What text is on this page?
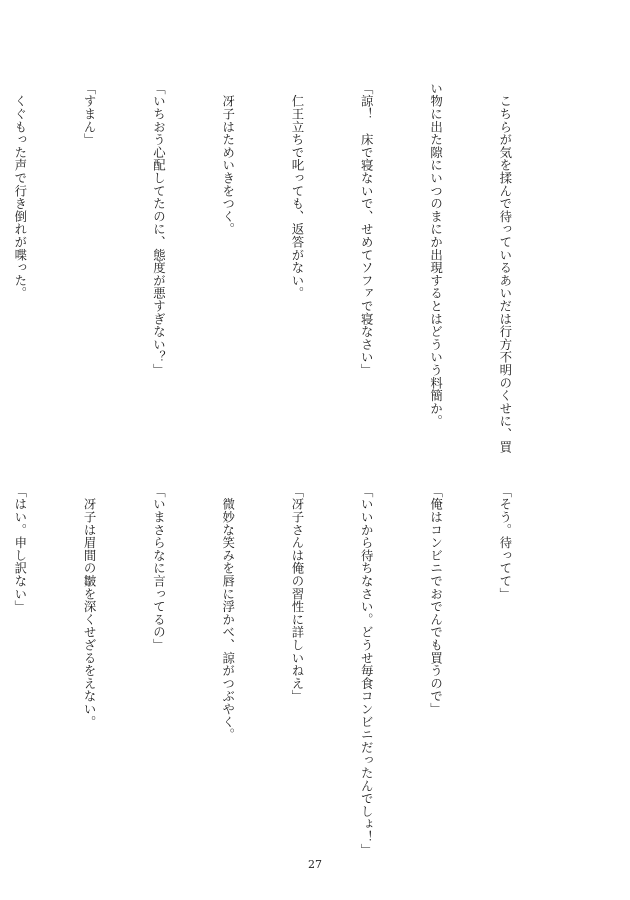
　こちらが気を揉んで待っているあいだは行方不明のくせに、買

い物に出た隙にいつのまにか出現するとはどういう料簡か。

「諒！　床で寝ないで、せめてソファで寝なさい」

　仁王立ちで叱っても、返答がない。

　冴子はためいきをつく。

「いちおう心配してたのに、態度が悪すぎない？」

「すまん」

　くぐもった声で行き倒れが喋った。

「そう。待ってて」

「俺はコンビニでおでんでも買うので」

「いいから待ちなさい。どうせ毎食コンビニだったんでしょ！」

「冴子さんは俺の習性に詳しいねえ」

　微妙な笑みを唇に浮かべ、諒がつぶやく。

「いまさらなに言ってるの」

　冴子は眉間の皺を深くせざるをえない。

「はい。申し訳ない」

27
